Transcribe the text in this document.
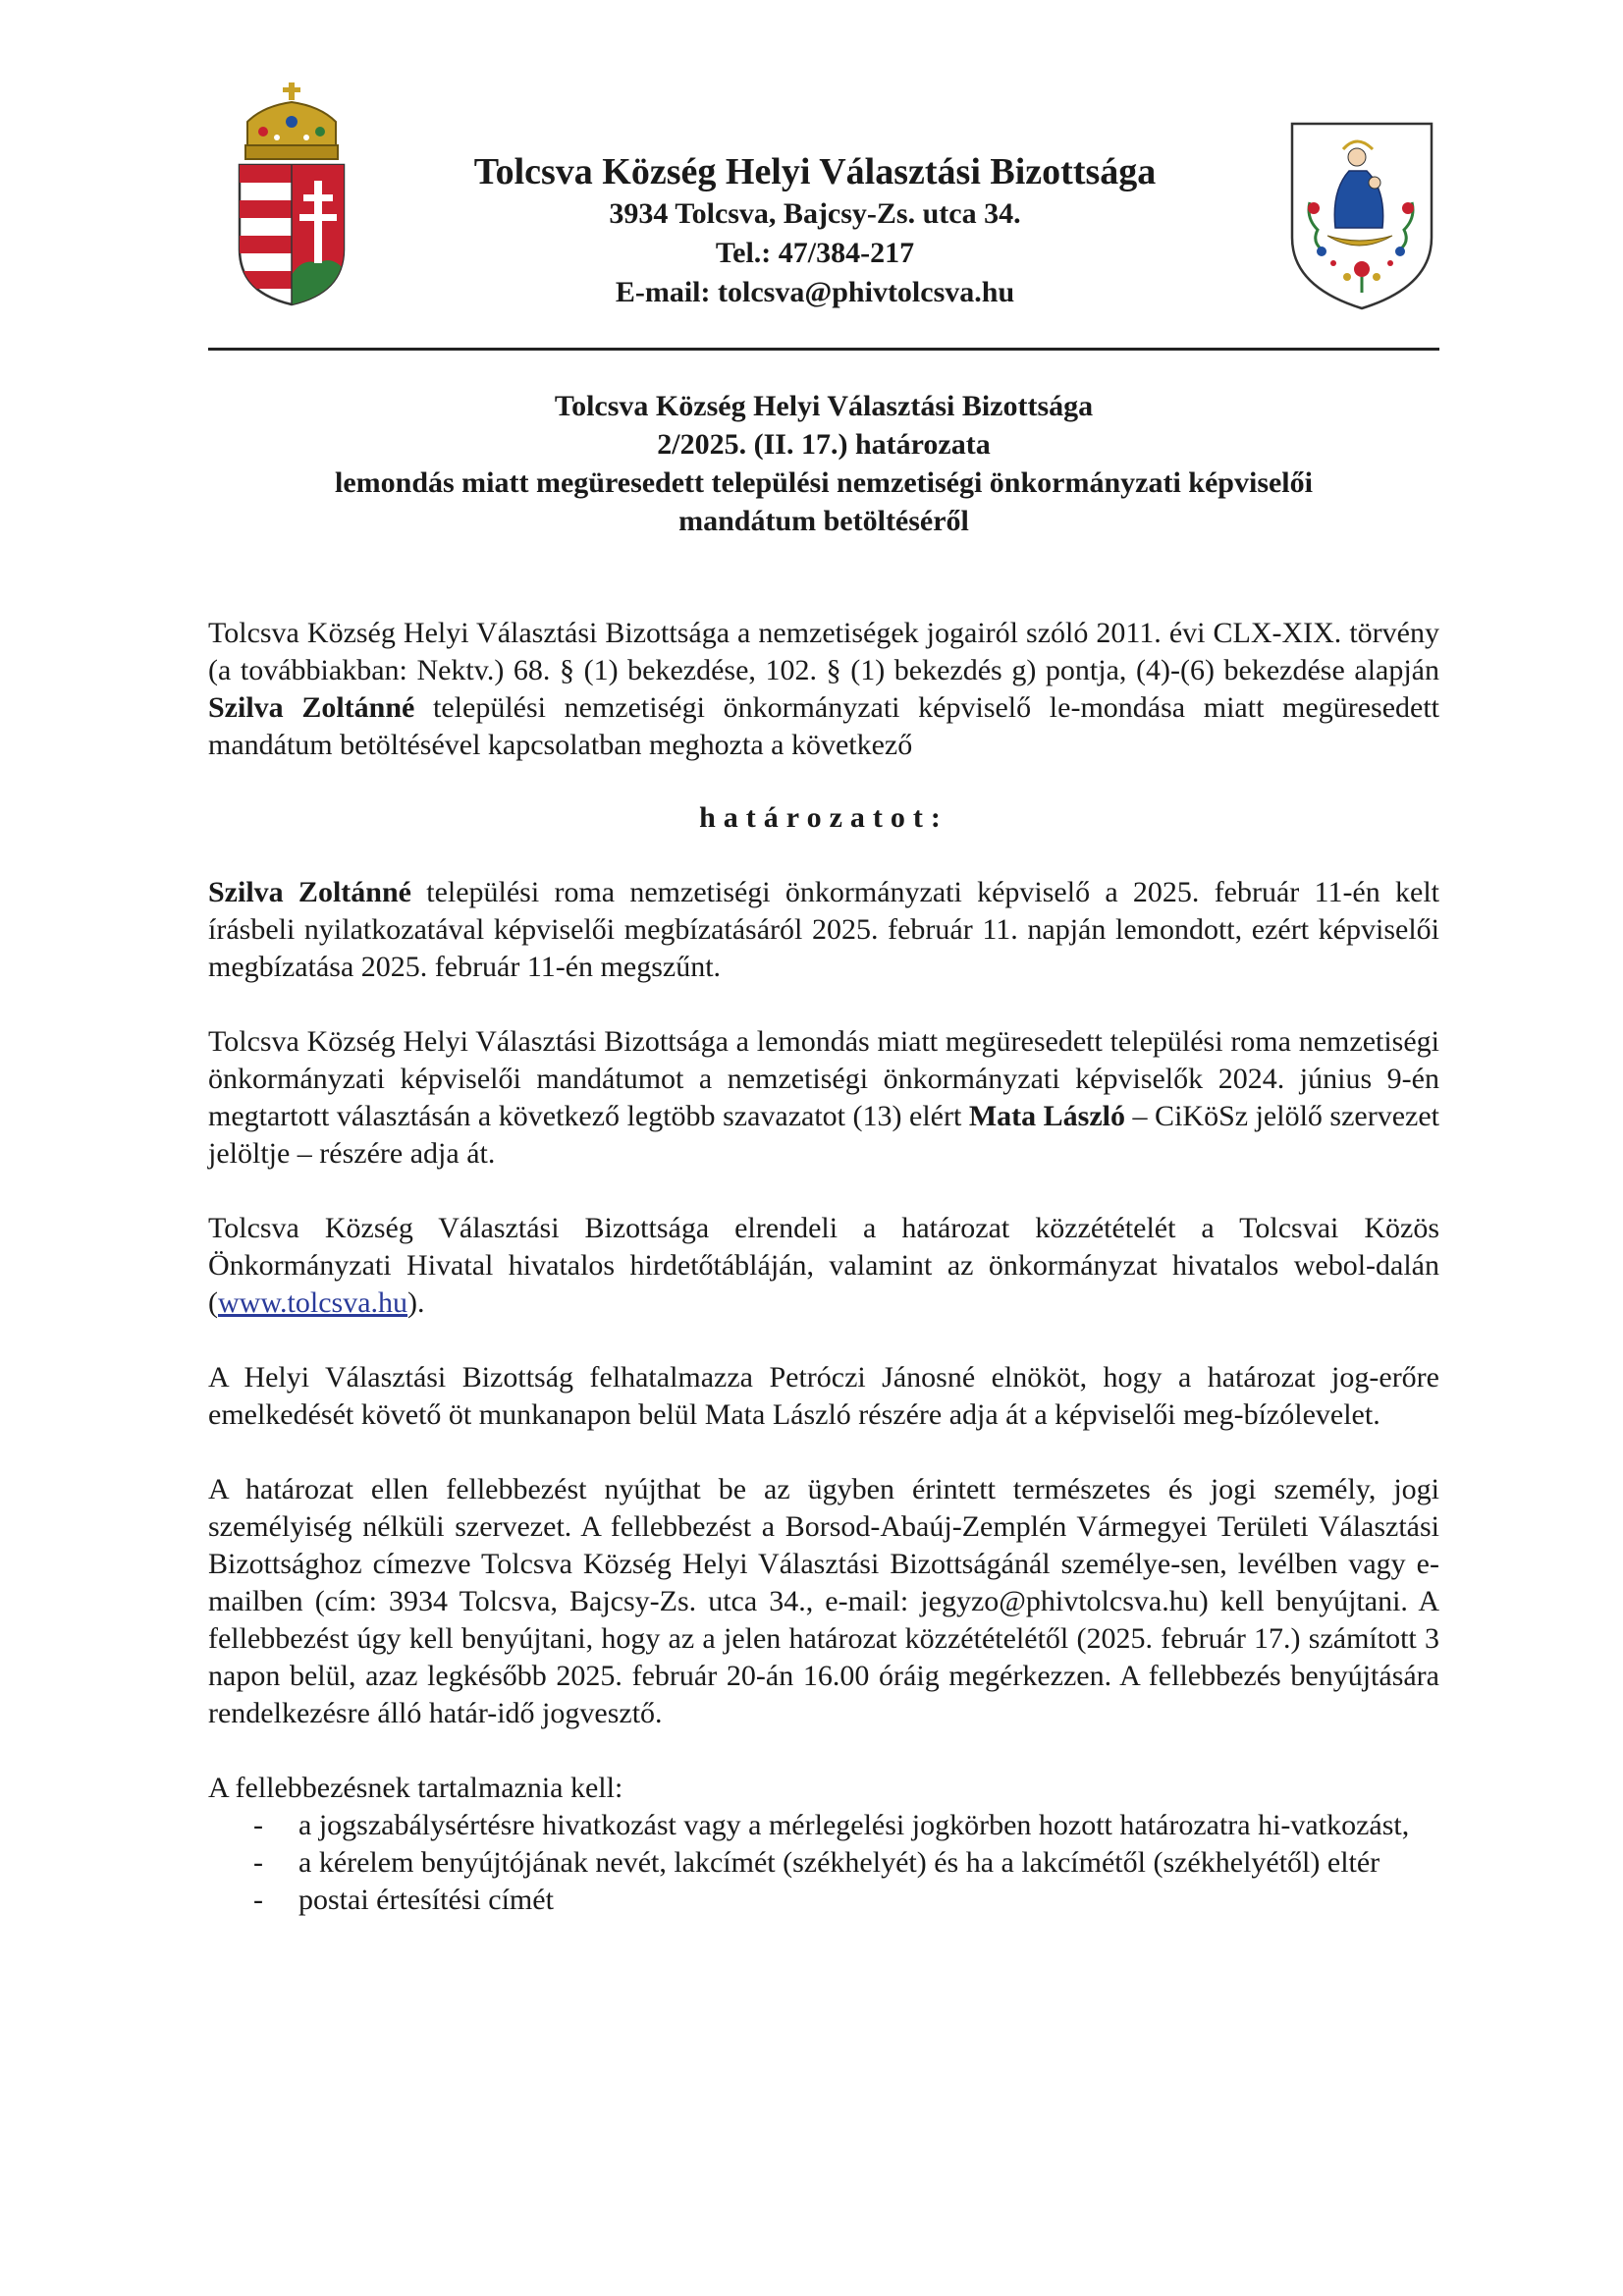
Tolcsva Község Helyi Választási Bizottsága
3934 Tolcsva, Bajcsy-Zs. utca 34.
Tel.: 47/384-217
E-mail: tolcsva@phivtolcsva.hu
Tolcsva Község Helyi Választási Bizottsága
2/2025. (II. 17.) határozata
lemondás miatt megüresedett települési nemzetiségi önkormányzati képviselői
mandátum betöltéséről

Tolcsva Község Helyi Választási Bizottsága a nemzetiségek jogairól szóló 2011. évi CLX-XIX. törvény (a továbbiakban: Nektv.) 68. § (1) bekezdése, 102. § (1) bekezdés g) pontja, (4)-(6) bekezdése alapján Szilva Zoltánné települési nemzetiségi önkormányzati képviselő le-mondása miatt megüresedett mandátum betöltésével kapcsolatban meghozta a következő

határozatot:

Szilva Zoltánné települési roma nemzetiségi önkormányzati képviselő a 2025. február 11-én kelt írásbeli nyilatkozatával képviselői megbízatásáról 2025. február 11. napján lemondott, ezért képviselői megbízatása 2025. február 11-én megszűnt.

Tolcsva Község Helyi Választási Bizottsága a lemondás miatt megüresedett települési roma nemzetiségi önkormányzati képviselői mandátumot a nemzetiségi önkormányzati képviselők 2024. június 9-én megtartott választásán a következő legtöbb szavazatot (13) elért Mata László – CiKöSz jelölő szervezet jelöltje – részére adja át.

Tolcsva Község Választási Bizottsága elrendeli a határozat közzétételét a Tolcsvai Közös Önkormányzati Hivatal hivatalos hirdetőtábláján, valamint az önkormányzat hivatalos webol-dalán (www.tolcsva.hu).

A Helyi Választási Bizottság felhatalmazza Petróczi Jánosné elnököt, hogy a határozat jog-erőre emelkedését követő öt munkanapon belül Mata László részére adja át a képviselői meg-bízólevelet.

A határozat ellen fellebbezést nyújthat be az ügyben érintett természetes és jogi személy, jogi személyiség nélküli szervezet. A fellebbezést a Borsod-Abaúj-Zemplén Vármegyei Területi Választási Bizottsághoz címezve Tolcsva Község Helyi Választási Bizottságánál személye-sen, levélben vagy e-mailben (cím: 3934 Tolcsva, Bajcsy-Zs. utca 34., e-mail: jegyzo@phivtolcsva.hu) kell benyújtani. A fellebbezést úgy kell benyújtani, hogy az a jelen határozat közzétételétől (2025. február 17.) számított 3 napon belül, azaz legkésőbb 2025. február 20-án 16.00 óráig megérkezzen. A fellebbezés benyújtására rendelkezésre álló határ-idő jogvesztő.

A fellebbezésnek tartalmaznia kell:

- a jogszabálysértésre hivatkozást vagy a mérlegelési jogkörben hozott határozatra hi-vatkozást,
- a kérelem benyújtójának nevét, lakcímét (székhelyét) és ha a lakcímétől (székhelyétől) eltér
- postai értesítési címét
